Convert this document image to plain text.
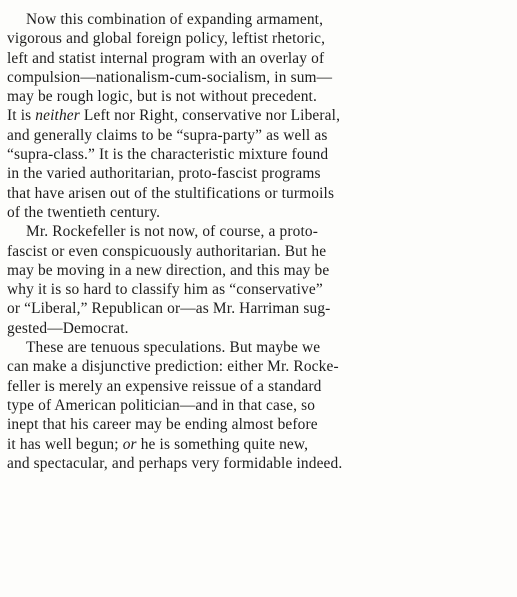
Now this combination of expanding armament,
vigorous and global foreign policy, leftist rhetoric,
left and statist internal program with an overlay of
compulsion—nationalism-cum-socialism, in sum—
may be rough logic, but is not without precedent.
It is neither Left nor Right, conservative nor Liberal,
and generally claims to be “supra-party” as well as
“supra-class.” It is the characteristic mixture found
in the varied authoritarian, proto-fascist programs
that have arisen out of the stultifications or turmoils
of the twentieth century.

Mr. Rockefeller is not now, of course, a proto-
fascist or even conspicuously authoritarian. But he
may be moving in a new direction, and this may be
why it is so hard to classify him as “conservative”
or “Liberal,” Republican or—as Mr. Harriman sug-
gested—Democrat.

These are tenuous speculations. But maybe we
can make a disjunctive prediction: either Mr. Rocke-
feller is merely an expensive reissue of a standard
type of American politician—and in that case, so
inept that his career may be ending almost before
it has well begun; or he is something quite new,
and spectacular, and perhaps very formidable indeed.
